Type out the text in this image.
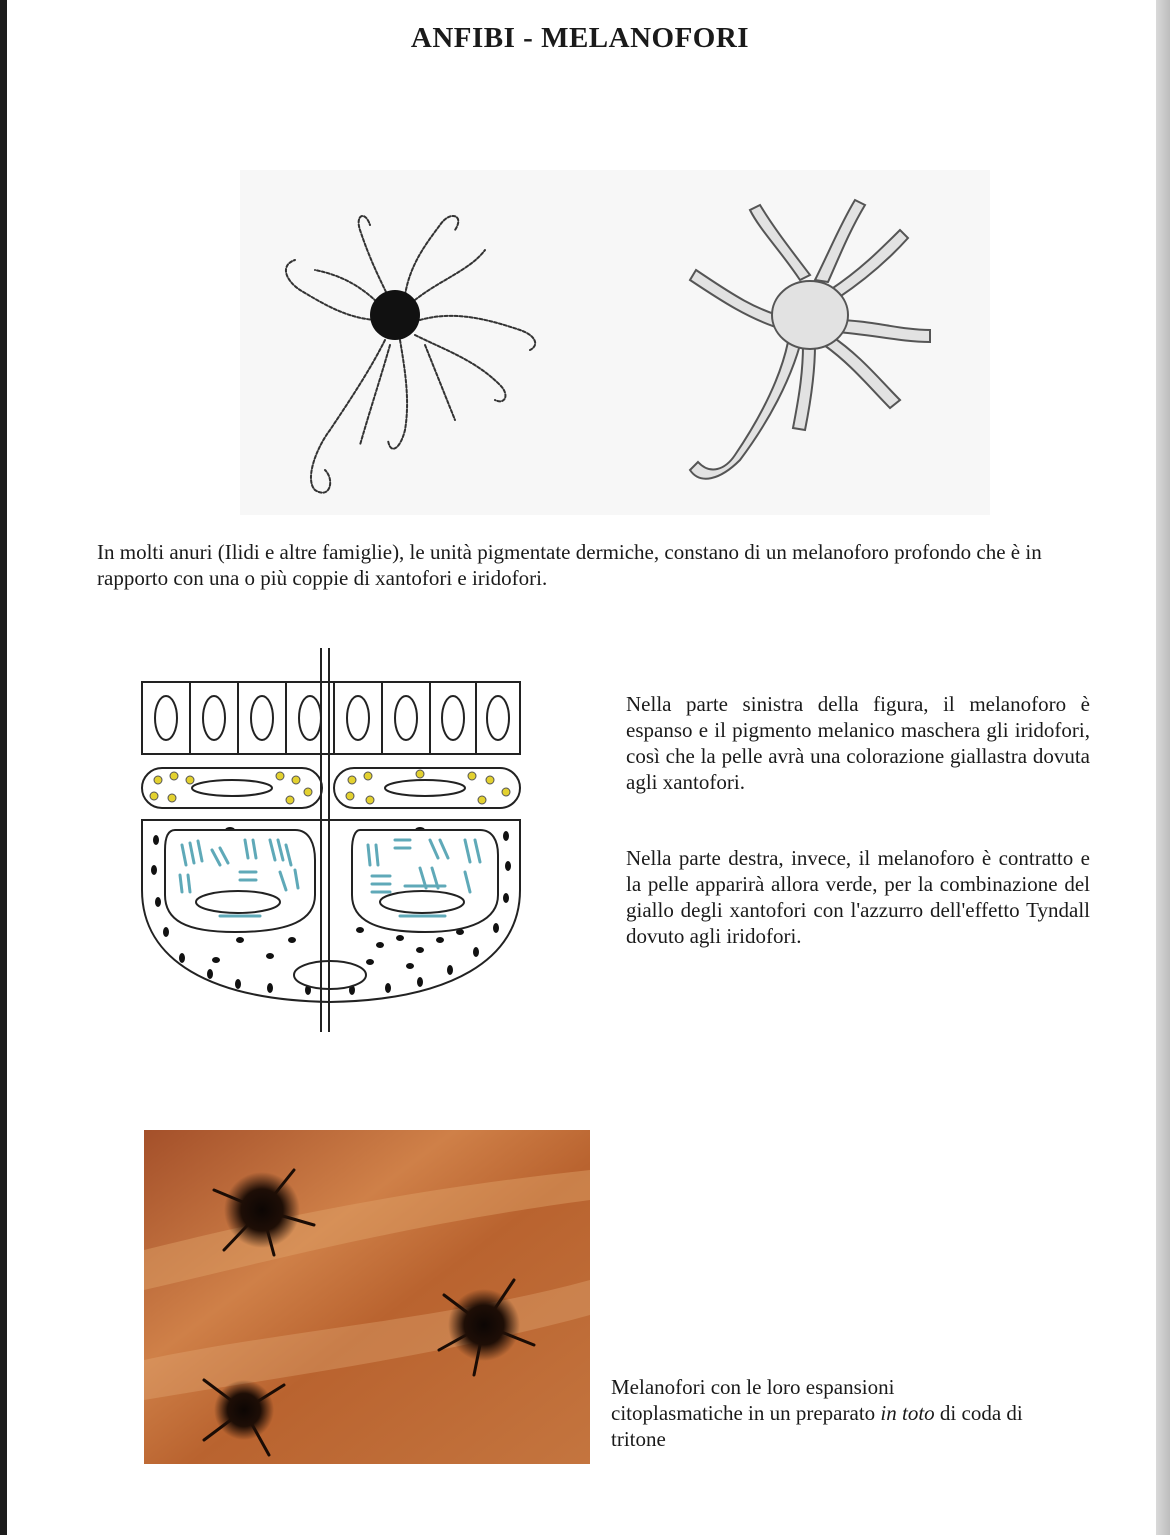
ANFIBI - MELANOFORI
In molti anuri (Ilidi e altre famiglie), le unità pigmentate dermiche, constano di un melanoforo profondo che è in rapporto con una o più coppie di xantofori e iridofori.
Nella parte sinistra della figura, il melanoforo è espanso e il pigmento melanico maschera gli iridofori, così che la pelle avrà una colorazione giallastra dovuta agli xantofori.
Nella parte destra, invece, il melanoforo è contratto e la pelle apparirà allora verde, per la combinazione del giallo degli xantofori con l'azzurro dell'effetto Tyndall dovuto agli iridofori.
Melanofori con le loro espansioni citoplasmatiche in un preparato in toto di coda di tritone
